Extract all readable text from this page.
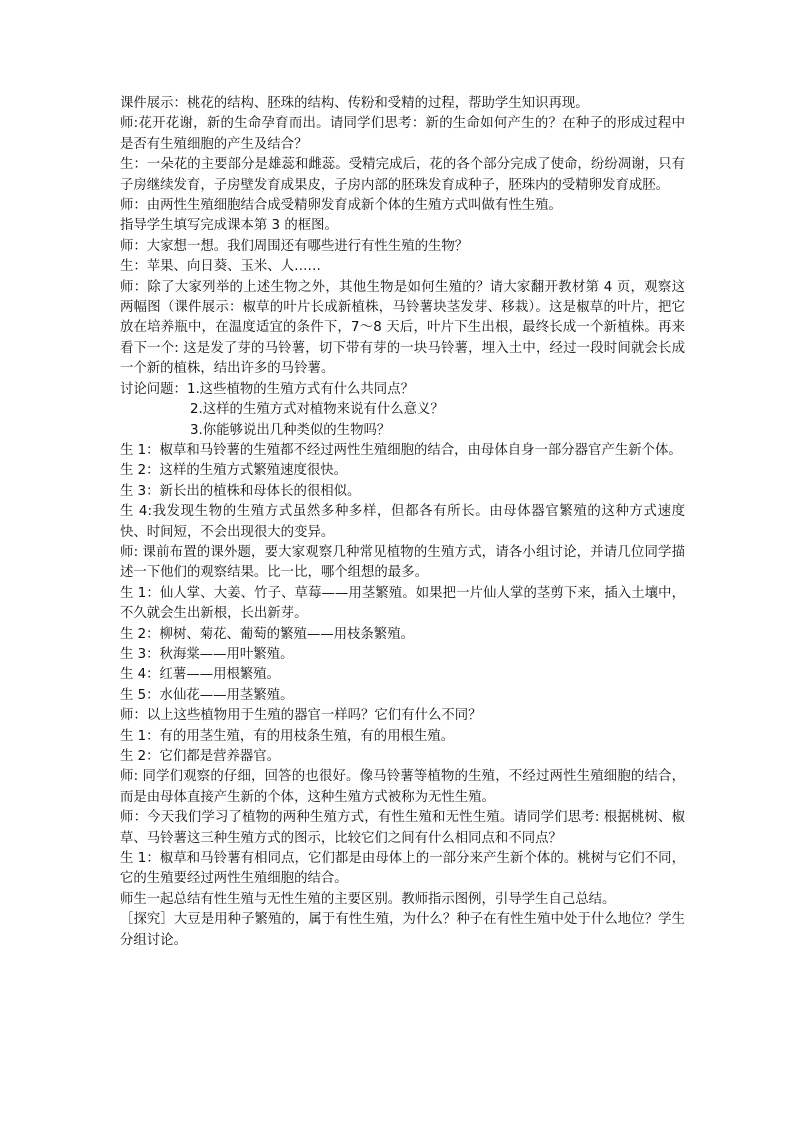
课件展示：桃花的结构、胚珠的结构、传粉和受精的过程，帮助学生知识再现。

师:花开花谢，新的生命孕育而出。请同学们思考：新的生命如何产生的？在种子的形成过程中是否有生殖细胞的产生及结合？

生：一朵花的主要部分是雄蕊和雌蕊。受精完成后，花的各个部分完成了使命，纷纷凋谢，只有子房继续发育，子房壁发育成果皮，子房内部的胚珠发育成种子，胚珠内的受精卵发育成胚。

师：由两性生殖细胞结合成受精卵发育成新个体的生殖方式叫做有性生殖。

指导学生填写完成课本第 3 的框图。

师：大家想一想。我们周围还有哪些进行有性生殖的生物？

生：苹果、向日葵、玉米、人……

师：除了大家列举的上述生物之外，其他生物是如何生殖的？请大家翻开教材第 4 页，观察这两幅图（课件展示：椒草的叶片长成新植株，马铃薯块茎发芽、移栽）。这是椒草的叶片，把它放在培养瓶中，在温度适宜的条件下，7～8 天后，叶片下生出根，最终长成一个新植株。再来看下一个: 这是发了芽的马铃薯，切下带有芽的一块马铃薯，埋入土中，经过一段时间就会长成一个新的植株，结出许多的马铃薯。

讨论问题：1.这些植物的生殖方式有什么共同点？

2.这样的生殖方式对植物来说有什么意义？

3.你能够说出几种类似的生物吗？

生 1：椒草和马铃薯的生殖都不经过两性生殖细胞的结合，由母体自身一部分器官产生新个体。

生 2：这样的生殖方式繁殖速度很快。

生 3：新长出的植株和母体长的很相似。

生 4:我发现生物的生殖方式虽然多种多样，但都各有所长。由母体器官繁殖的这种方式速度快、时间短，不会出现很大的变异。

师: 课前布置的课外题，要大家观察几种常见植物的生殖方式，请各小组讨论，并请几位同学描述一下他们的观察结果。比一比，哪个组想的最多。

生 1：仙人掌、大姜、竹子、草莓——用茎繁殖。如果把一片仙人掌的茎剪下来，插入土壤中，不久就会生出新根，长出新芽。

生 2：柳树、菊花、葡萄的繁殖——用枝条繁殖。

生 3：秋海棠——用叶繁殖。

生 4：红薯——用根繁殖。

生 5：水仙花——用茎繁殖。

师：以上这些植物用于生殖的器官一样吗？它们有什么不同？

生 1：有的用茎生殖，有的用枝条生殖，有的用根生殖。

生 2：它们都是营养器官。

师: 同学们观察的仔细，回答的也很好。像马铃薯等植物的生殖，不经过两性生殖细胞的结合，而是由母体直接产生新的个体，这种生殖方式被称为无性生殖。

师：今天我们学习了植物的两种生殖方式，有性生殖和无性生殖。请同学们思考: 根据桃树、椒草、马铃薯这三种生殖方式的图示，比较它们之间有什么相同点和不同点？

生 1：椒草和马铃薯有相同点，它们都是由母体上的一部分来产生新个体的。桃树与它们不同，它的生殖要经过两性生殖细胞的结合。

师生一起总结有性生殖与无性生殖的主要区别。教师指示图例，引导学生自己总结。

［探究］大豆是用种子繁殖的，属于有性生殖，为什么？种子在有性生殖中处于什么地位？学生分组讨论。
